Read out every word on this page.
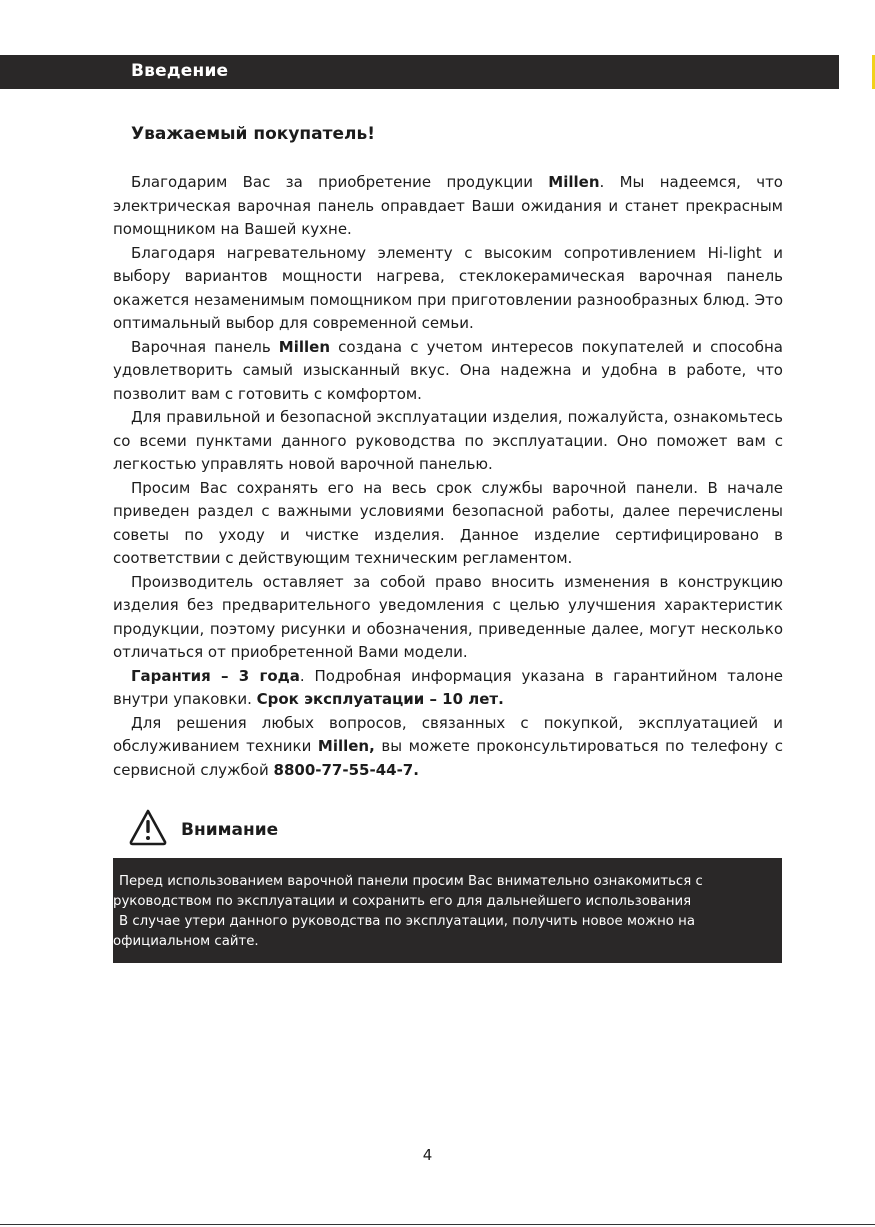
Введение
Уважаемый покупатель!

Благодарим Вас за приобретение продукции Millen. Мы надеемся, что электрическая варочная панель оправдает Ваши ожидания и станет прекрасным помощником на Вашей кухне.

Благодаря нагревательному элементу с высоким сопротивлением Hi-light и выбору вариантов мощности нагрева, стеклокерамическая варочная панель окажется незаменимым помощником при приготовлении разнообразных блюд. Это оптимальный выбор для современной семьи.

Варочная панель Millen создана с учетом интересов покупателей и способна удовлетворить самый изысканный вкус. Она надежна и удобна в работе, что позволит вам с готовить с комфортом.

Для правильной и безопасной эксплуатации изделия, пожалуйста, ознакомьтесь со всеми пунктами данного руководства по эксплуатации. Оно поможет вам с легкостью управлять новой варочной панелью.

Просим Вас сохранять его на весь срок службы варочной панели. В начале приведен раздел с важными условиями безопасной работы, далее перечислены советы по уходу и чистке изделия. Данное изделие сертифицировано в соответствии с действующим техническим регламентом.

Производитель оставляет за собой право вносить изменения в конструкцию изделия без предварительного уведомления с целью улучшения характеристик продукции, поэтому рисунки и обозначения, приведенные далее, могут несколько отличаться от приобретенной Вами модели.

Гарантия – 3 года. Подробная информация указана в гарантийном талоне внутри упаковки. Срок эксплуатации – 10 лет.

Для решения любых вопросов, связанных с покупкой, эксплуатацией и обслуживанием техники Millen, вы можете проконсультироваться по телефону с сервисной службой 8800-77-55-44-7.

Внимание

Перед использованием варочной панели просим Вас внимательно ознакомиться с руководством по эксплуатации и сохранить его для дальнейшего использования

В случае утери данного руководства по эксплуатации, получить новое можно на официальном сайте.

4
